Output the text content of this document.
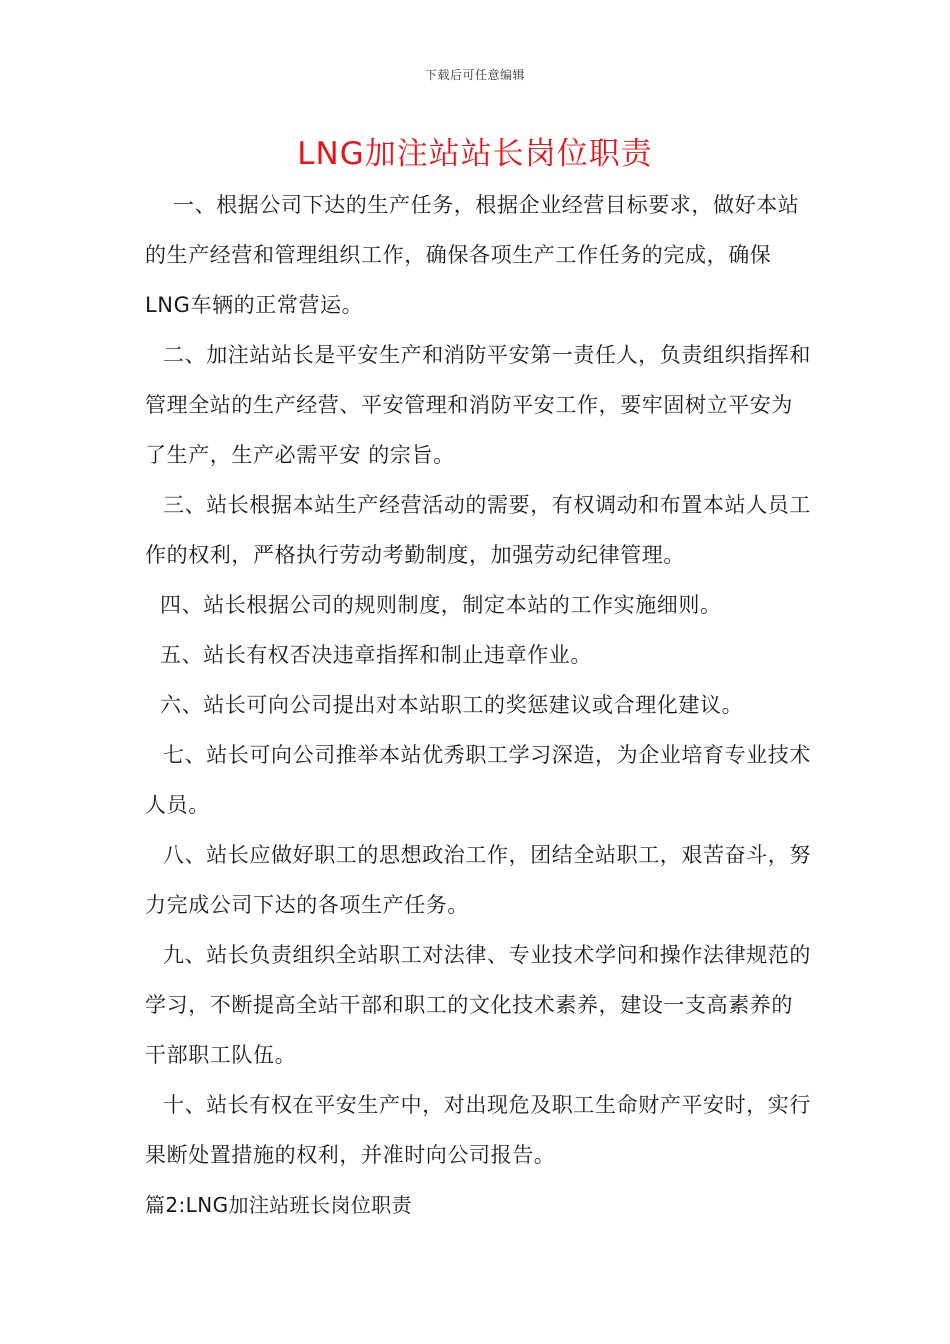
下载后可任意编辑
LNG加注站站长岗位职责

一、根据公司下达的生产任务，根据企业经营目标要求，做好本站的生产经营和管理组织工作，确保各项生产工作任务的完成，确保LNG车辆的正常营运。

二、加注站站长是平安生产和消防平安第一责任人，负责组织指挥和管理全站的生产经营、平安管理和消防平安工作，要牢固树立平安为了生产，生产必需平安 的宗旨。

三、站长根据本站生产经营活动的需要，有权调动和布置本站人员工作的权利，严格执行劳动考勤制度，加强劳动纪律管理。

四、站长根据公司的规则制度，制定本站的工作实施细则。

五、站长有权否决违章指挥和制止违章作业。

六、站长可向公司提出对本站职工的奖惩建议或合理化建议。

七、站长可向公司推举本站优秀职工学习深造，为企业培育专业技术人员。

八、站长应做好职工的思想政治工作，团结全站职工，艰苦奋斗，努力完成公司下达的各项生产任务。

九、站长负责组织全站职工对法律、专业技术学问和操作法律规范的学习，不断提高全站干部和职工的文化技术素养，建设一支高素养的干部职工队伍。

十、站长有权在平安生产中，对出现危及职工生命财产平安时，实行果断处置措施的权利，并准时向公司报告。

篇2:LNG加注站班长岗位职责
